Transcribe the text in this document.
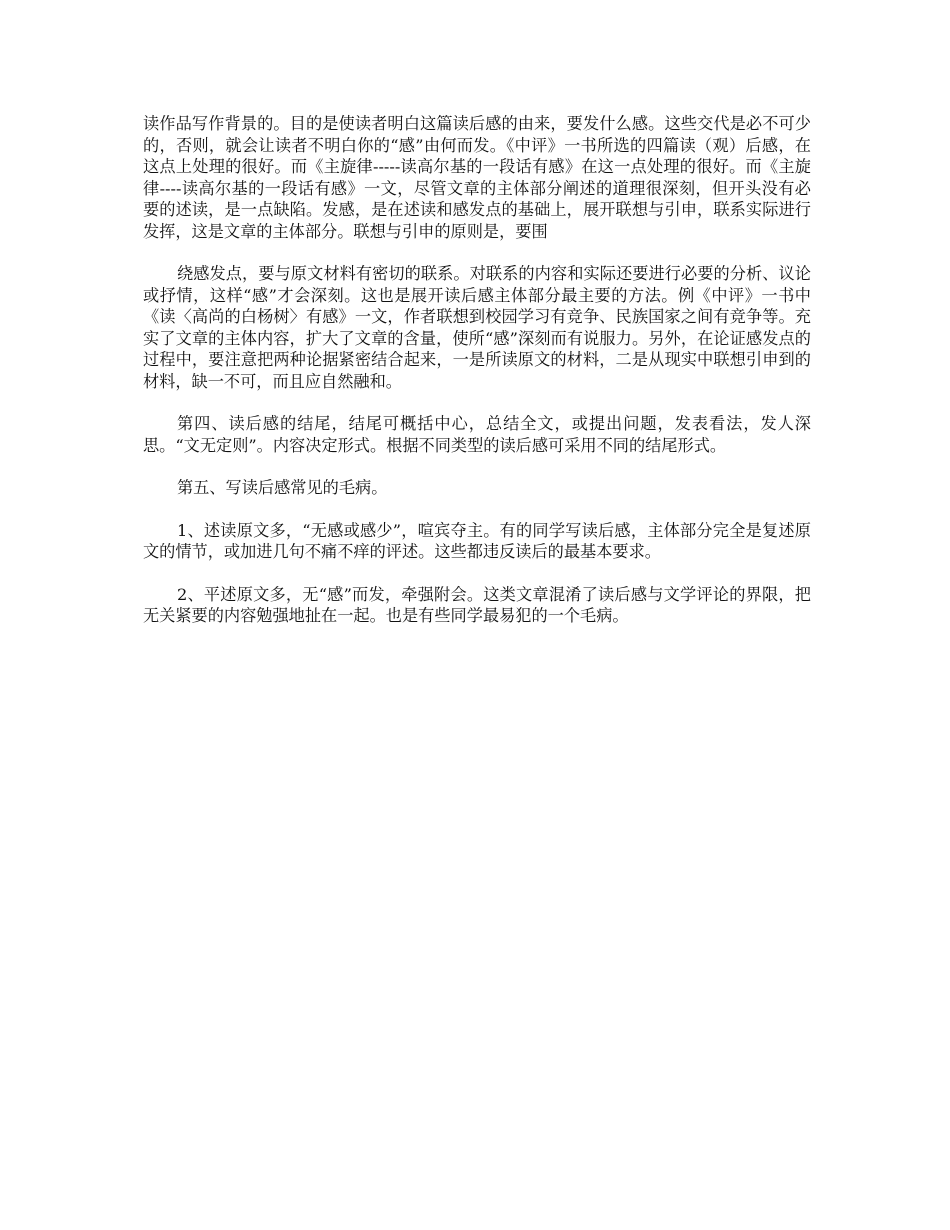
读作品写作背景的。目的是使读者明白这篇读后感的由来，要发什么感。这些交代是必不可少的，否则，就会让读者不明白你的“感”由何而发。《中评》一书所选的四篇读（观）后感，在这点上处理的很好。而《主旋律-----读高尔基的一段话有感》在这一点处理的很好。而《主旋律----读高尔基的一段话有感》一文，尽管文章的主体部分阐述的道理很深刻，但开头没有必要的述读，是一点缺陷。发感，是在述读和感发点的基础上，展开联想与引申，联系实际进行发挥，这是文章的主体部分。联想与引申的原则是，要围

绕感发点，要与原文材料有密切的联系。对联系的内容和实际还要进行必要的分析、议论或抒情，这样“感”才会深刻。这也是展开读后感主体部分最主要的方法。例《中评》一书中《读〈高尚的白杨树〉有感》一文，作者联想到校园学习有竞争、民族国家之间有竞争等。充实了文章的主体内容，扩大了文章的含量，使所“感”深刻而有说服力。另外，在论证感发点的过程中，要注意把两种论据紧密结合起来，一是所读原文的材料，二是从现实中联想引申到的材料，缺一不可，而且应自然融和。

第四、读后感的结尾，结尾可概括中心，总结全文，或提出问题，发表看法，发人深思。“文无定则”。内容决定形式。根据不同类型的读后感可采用不同的结尾形式。

第五、写读后感常见的毛病。

1、述读原文多，“无感或感少”，喧宾夺主。有的同学写读后感，主体部分完全是复述原文的情节，或加进几句不痛不痒的评述。这些都违反读后的最基本要求。

2、平述原文多，无“感”而发，牵强附会。这类文章混淆了读后感与文学评论的界限，把无关紧要的内容勉强地扯在一起。也是有些同学最易犯的一个毛病。
